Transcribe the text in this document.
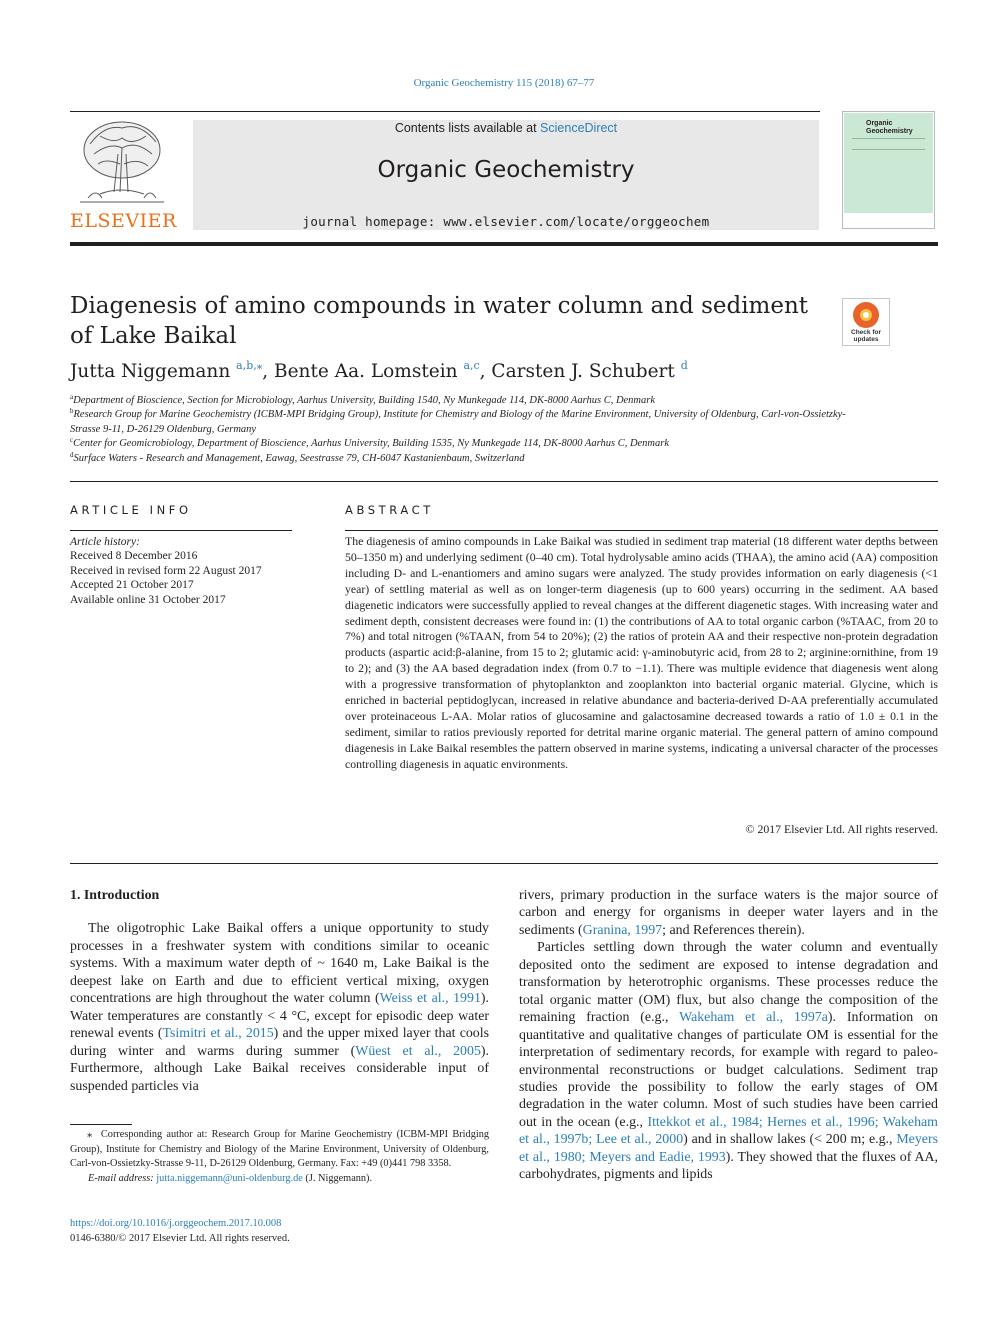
Organic Geochemistry 115 (2018) 67–77
ELSEVIER
Contents lists available at ScienceDirect
Organic Geochemistry
journal homepage: www.elsevier.com/locate/orggeochem
Organic
Geochemistry
Diagenesis of amino compounds in water column and sediment of Lake Baikal	Check for
updates
Jutta Niggemann $^{a,b,⁎}$, Bente Aa. Lomstein $^{a,c}$, Carsten J. Schubert $^d$
$^a$Department of Bioscience, Section for Microbiology, Aarhus University, Building 1540, Ny Munkegade 114, DK-8000 Aarhus C, Denmark
$^b$Research Group for Marine Geochemistry (ICBM-MPI Bridging Group), Institute for Chemistry and Biology of the Marine Environment, University of Oldenburg, Carl-von-Ossietzky-Strasse 9-11, D-26129 Oldenburg, Germany
$^c$Center for Geomicrobiology, Department of Bioscience, Aarhus University, Building 1535, Ny Munkegade 114, DK-8000 Aarhus C, Denmark
$^d$Surface Waters - Research and Management, Eawag, Seestrasse 79, CH-6047 Kastanienbaum, Switzerland
ARTICLE INFO
Article history:
Received 8 December 2016
Received in revised form 22 August 2017
Accepted 21 October 2017
Available online 31 October 2017
ABSTRACT

The diagenesis of amino compounds in Lake Baikal was studied in sediment trap material (18 different water depths between 50–1350 m) and underlying sediment (0–40 cm). Total hydrolysable amino acids (THAA), the amino acid (AA) composition including D- and L-enantiomers and amino sugars were analyzed. The study provides information on early diagenesis (<1 year) of settling material as well as on longer-term diagenesis (up to 600 years) occurring in the sediment. AA based diagenetic indicators were successfully applied to reveal changes at the different diagenetic stages. With increasing water and sediment depth, consistent decreases were found in: (1) the contributions of AA to total organic carbon (%TAAC, from 20 to 7%) and total nitrogen (%TAAN, from 54 to 20%); (2) the ratios of protein AA and their respective non-protein degradation products (aspartic acid:β-alanine, from 15 to 2; glutamic acid: γ-aminobutyric acid, from 28 to 2; arginine:ornithine, from 19 to 2); and (3) the AA based degradation index (from 0.7 to −1.1). There was multiple evidence that diagenesis went along with a progressive transformation of phytoplankton and zooplankton into bacterial organic material. Glycine, which is enriched in bacterial peptidoglycan, increased in relative abundance and bacteria-derived D-AA preferentially accumulated over proteinaceous L-AA. Molar ratios of glucosamine and galactosamine decreased towards a ratio of 1.0 ± 0.1 in the sediment, similar to ratios previously reported for detrital marine organic material. The general pattern of amino compound diagenesis in Lake Baikal resembles the pattern observed in marine systems, indicating a universal character of the processes controlling diagenesis in aquatic environments.

© 2017 Elsevier Ltd. All rights reserved.

1. Introduction

The oligotrophic Lake Baikal offers a unique opportunity to study processes in a freshwater system with conditions similar to oceanic systems. With a maximum water depth of ~ 1640 m, Lake Baikal is the deepest lake on Earth and due to efficient vertical mixing, oxygen concentrations are high throughout the water column (Weiss et al., 1991). Water temperatures are constantly < 4 °C, except for episodic deep water renewal events (Tsimitri et al., 2015) and the upper mixed layer that cools during winter and warms during summer (Wüest et al., 2005). Furthermore, although Lake Baikal receives considerable input of suspended particles via

rivers, primary production in the surface waters is the major source of carbon and energy for organisms in deeper water layers and in the sediments (Granina, 1997; and References therein).

Particles settling down through the water column and eventually deposited onto the sediment are exposed to intense degradation and transformation by heterotrophic organisms. These processes reduce the total organic matter (OM) flux, but also change the composition of the remaining fraction (e.g., Wakeham et al., 1997a). Information on quantitative and qualitative changes of particulate OM is essential for the interpretation of sedimentary records, for example with regard to paleo-environmental reconstructions or budget calculations. Sediment trap studies provide the possibility to follow the early stages of OM degradation in the water column. Most of such studies have been carried out in the ocean (e.g., Ittekkot et al., 1984; Hernes et al., 1996; Wakeham et al., 1997b; Lee et al., 2000) and in shallow lakes (< 200 m; e.g., Meyers et al., 1980; Meyers and Eadie, 1993). They showed that the fluxes of AA, carbohydrates, pigments and lipids

⁎ Corresponding author at: Research Group for Marine Geochemistry (ICBM-MPI Bridging Group), Institute for Chemistry and Biology of the Marine Environment, University of Oldenburg, Carl-von-Ossietzky-Strasse 9-11, D-26129 Oldenburg, Germany. Fax: +49 (0)441 798 3358.

E-mail address: jutta.niggemann@uni-oldenburg.de (J. Niggemann).

https://doi.org/10.1016/j.orggeochem.2017.10.008
0146-6380/© 2017 Elsevier Ltd. All rights reserved.
